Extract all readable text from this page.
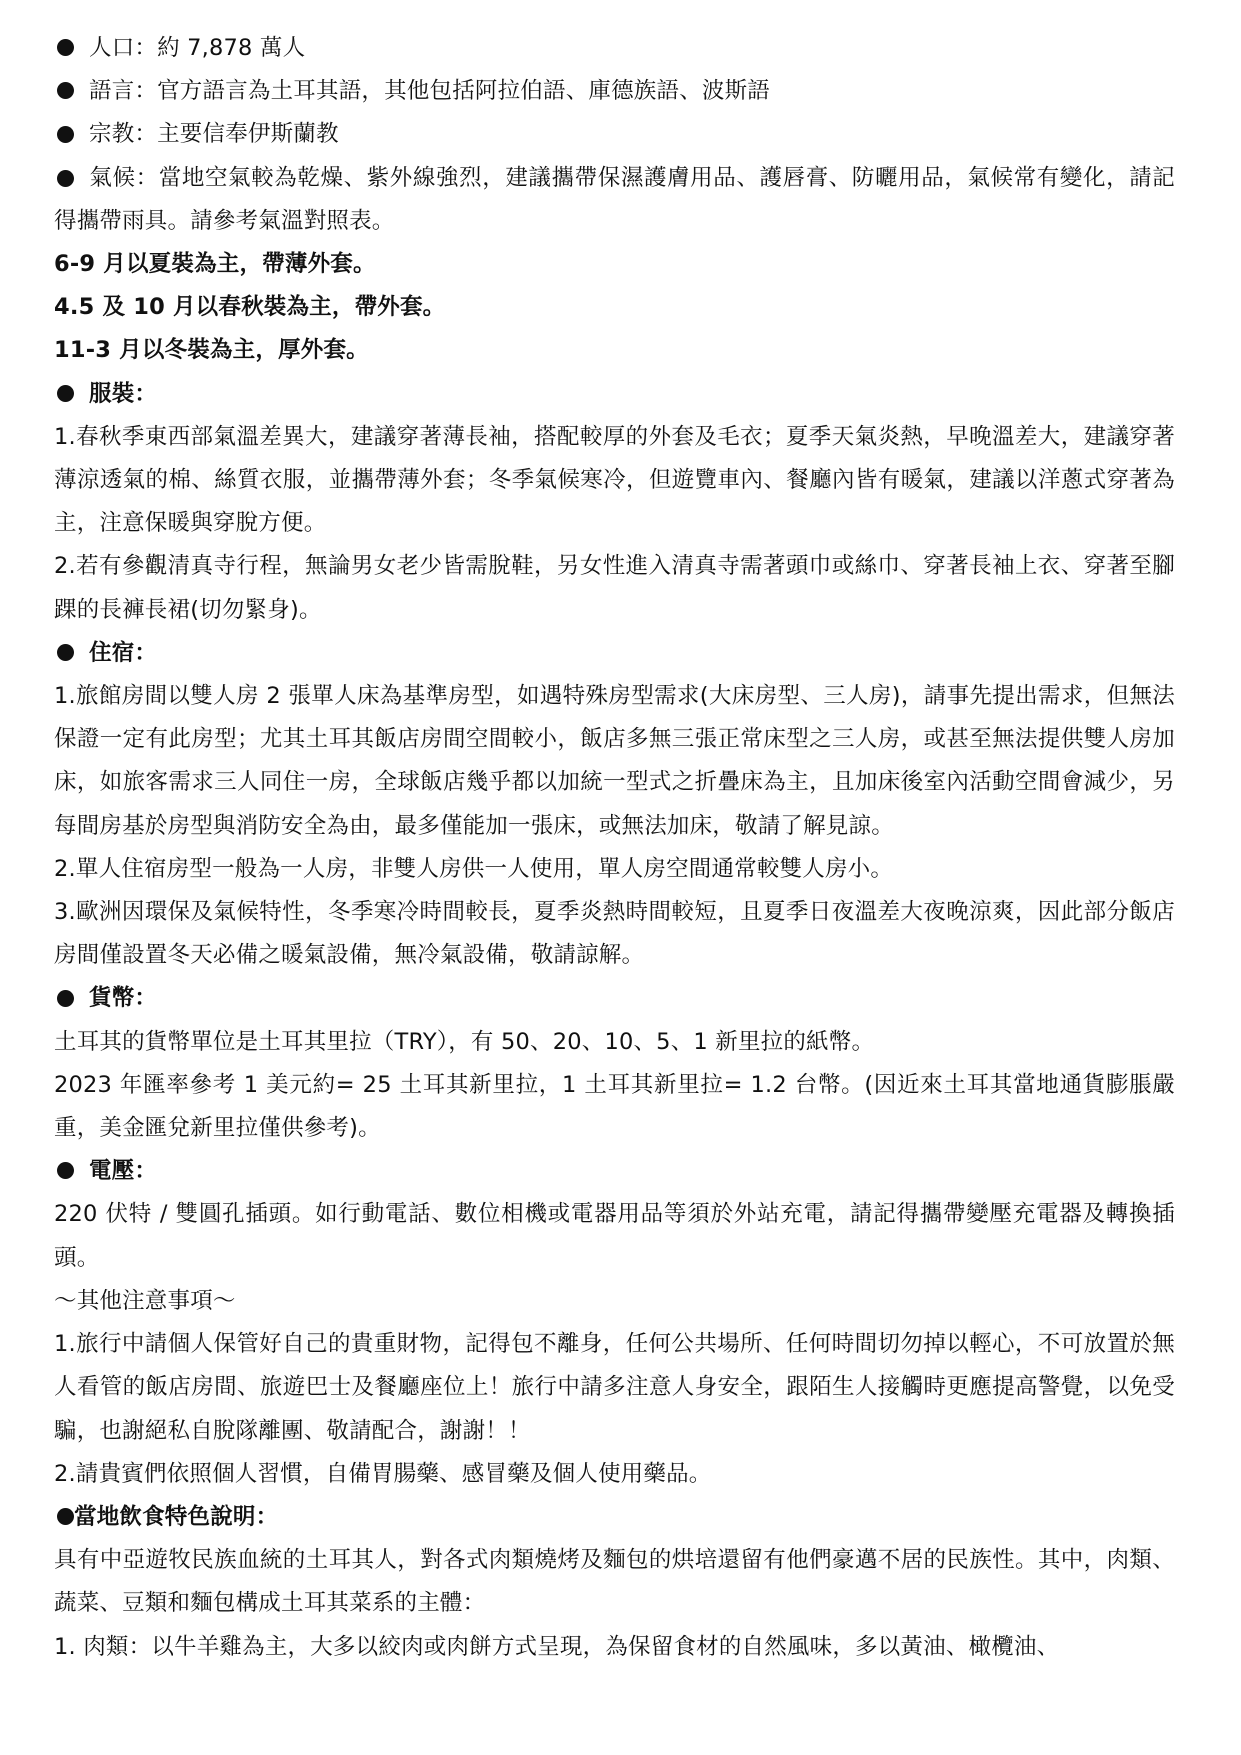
人口：約 7,878 萬人
語言：官方語言為土耳其語，其他包括阿拉伯語、庫德族語、波斯語
宗教：主要信奉伊斯蘭教
氣候：當地空氣較為乾燥、紫外線強烈，建議攜帶保濕護膚用品、護唇膏、防曬用品，氣候常有變化，請記得攜帶雨具。請參考氣溫對照表。
6-9 月以夏裝為主，帶薄外套。
4.5 及 10 月以春秋裝為主，帶外套。
11-3 月以冬裝為主，厚外套。
服裝：
1.春秋季東西部氣溫差異大，建議穿著薄長袖，搭配較厚的外套及毛衣；夏季天氣炎熱，早晚溫差大，建議穿著薄涼透氣的棉、絲質衣服，並攜帶薄外套；冬季氣候寒冷，但遊覽車內、餐廳內皆有暖氣，建議以洋蔥式穿著為主，注意保暖與穿脫方便。
2.若有參觀清真寺行程，無論男女老少皆需脫鞋，另女性進入清真寺需著頭巾或絲巾、穿著長袖上衣、穿著至腳踝的長褲長裙(切勿緊身)。
住宿：
1.旅館房間以雙人房 2 張單人床為基準房型，如遇特殊房型需求(大床房型、三人房)，請事先提出需求，但無法保證一定有此房型；尤其土耳其飯店房間空間較小，飯店多無三張正常床型之三人房，或甚至無法提供雙人房加床，如旅客需求三人同住一房，全球飯店幾乎都以加統一型式之折疊床為主，且加床後室內活動空間會減少，另每間房基於房型與消防安全為由，最多僅能加一張床，或無法加床，敬請了解見諒。
2.單人住宿房型一般為一人房，非雙人房供一人使用，單人房空間通常較雙人房小。
3.歐洲因環保及氣候特性，冬季寒冷時間較長，夏季炎熱時間較短，且夏季日夜溫差大夜晚涼爽，因此部分飯店房間僅設置冬天必備之暖氣設備，無冷氣設備，敬請諒解。
貨幣：
土耳其的貨幣單位是土耳其里拉（TRY），有 50、20、10、5、1 新里拉的紙幣。
2023 年匯率參考 1 美元約= 25 土耳其新里拉，1 土耳其新里拉= 1.2 台幣。(因近來土耳其當地通貨膨脹嚴重，美金匯兌新里拉僅供參考)。
電壓：
220 伏特 / 雙圓孔插頭。如行動電話、數位相機或電器用品等須於外站充電，請記得攜帶變壓充電器及轉換插頭。
～其他注意事項～
1.旅行中請個人保管好自己的貴重財物，記得包不離身，任何公共場所、任何時間切勿掉以輕心，不可放置於無人看管的飯店房間、旅遊巴士及餐廳座位上！旅行中請多注意人身安全，跟陌生人接觸時更應提高警覺，以免受騙，也謝絕私自脫隊離團、敬請配合，謝謝！！
2.請貴賓們依照個人習慣，自備胃腸藥、感冒藥及個人使用藥品。
當地飲食特色說明：
具有中亞遊牧民族血統的土耳其人，對各式肉類燒烤及麵包的烘培還留有他們豪邁不居的民族性。其中，肉類、蔬菜、豆類和麵包構成土耳其菜系的主體：
1. 肉類：以牛羊雞為主，大多以絞肉或肉餅方式呈現，為保留食材的自然風味，多以黃油、橄欖油、
